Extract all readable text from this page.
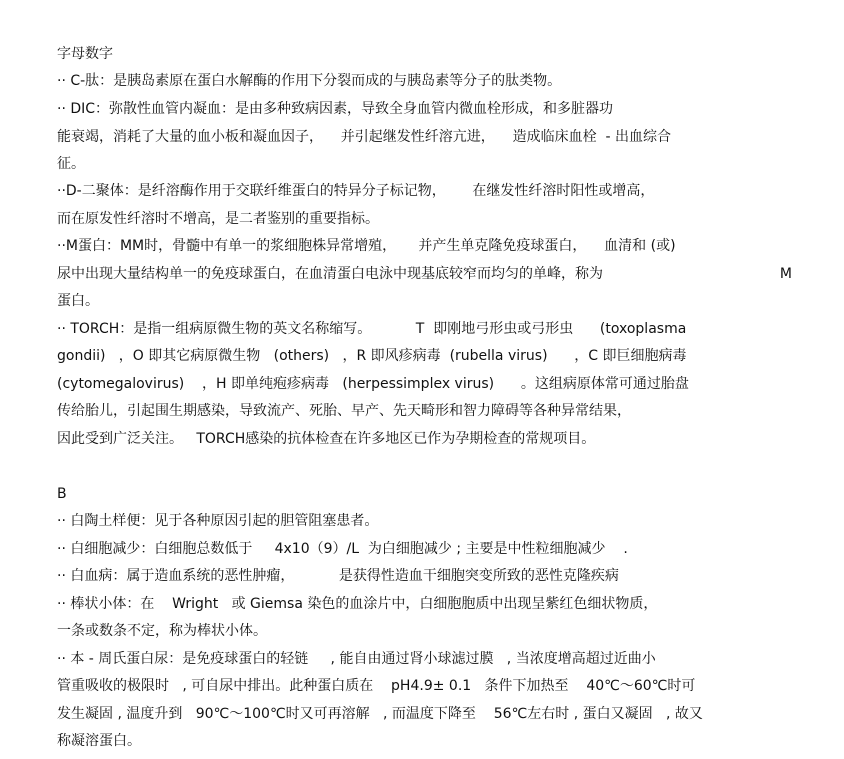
字母数字
·· C-肽：是胰岛素原在蛋白水解酶的作用下分裂而成的与胰岛素等分子的肽类物。
·· DIC：弥散性血管内凝血：是由多种致病因素，导致全身血管内微血栓形成，和多脏器功
能衰竭，消耗了大量的血小板和凝血因子，    并引起继发性纤溶亢进，    造成临床血栓  - 出血综合
征。
··D-二聚体：是纤溶酶作用于交联纤维蛋白的特异分子标记物，      在继发性纤溶时阳性或增高，
而在原发性纤溶时不增高，是二者鉴别的重要指标。
··M蛋白：MM时，骨髓中有单一的浆细胞株异常增殖，     并产生单克隆免疫球蛋白，    血清和 (或)
尿中出现大量结构单一的免疫球蛋白，在血清蛋白电泳中现基底较窄而均匀的单峰，称为	M
蛋白。
·· TORCH：是指一组病原微生物的英文名称缩写。          T  即刚地弓形虫或弓形虫      (toxoplasma
gondii)   ，O 即其它病原微生物   (others)   ，R 即风疹病毒  (rubella virus)      ，C 即巨细胞病毒
(cytomegalovirus)    ，H 即单纯疱疹病毒   (herpessimplex virus)      。这组病原体常可通过胎盘
传给胎儿，引起围生期感染，导致流产、死胎、早产、先天畸形和智力障碍等各种异常结果，
因此受到广泛关注。   TORCH感染的抗体检查在许多地区已作为孕期检查的常规项目。
B
·· 白陶土样便：见于各种原因引起的胆管阻塞患者。
·· 白细胞减少：白细胞总数低于     4x10（9）/L  为白细胞减少 ; 主要是中性粒细胞减少    .
·· 白血病：属于造血系统的恶性肿瘤，          是获得性造血干细胞突变所致的恶性克隆疾病
·· 棒状小体：在    Wright   或 Giemsa 染色的血涂片中，白细胞胞质中出现呈紫红色细状物质，
一条或数条不定，称为棒状小体。
·· 本 - 周氏蛋白尿：是免疫球蛋白的轻链     , 能自由通过肾小球滤过膜   , 当浓度增高超过近曲小
管重吸收的极限时   , 可自尿中排出。此种蛋白质在    pH4.9± 0.1   条件下加热至    40℃～60℃时可
发生凝固 , 温度升到   90℃～100℃时又可再溶解   , 而温度下降至    56℃左右时 , 蛋白又凝固   , 故又
称凝溶蛋白。
